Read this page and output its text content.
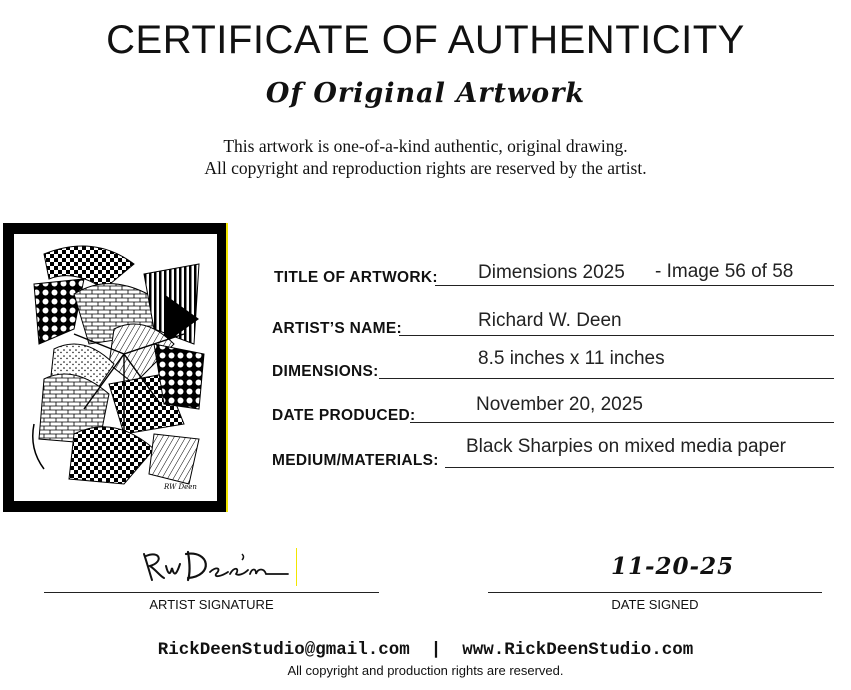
CERTIFICATE OF AUTHENTICITY
Of Original Artwork
This artwork is one-of-a-kind authentic, original drawing.
All copyright and reproduction rights are reserved by the artist.
RW Deen
TITLE OF ARTWORK: Dimensions 2025 - Image 56 of 58
ARTIST’S NAME:	Richard W. Deen
DIMENSIONS:
8.5 inches x 11 inches
DATE PRODUCED:
November 20, 2025
MEDIUM/MATERIALS:
Black Sharpies on mixed media paper
ARTIST SIGNATURE
11-20-25
DATE SIGNED
RickDeenStudio@gmail.com  |  www.RickDeenStudio.com
All copyright and production rights are reserved.
